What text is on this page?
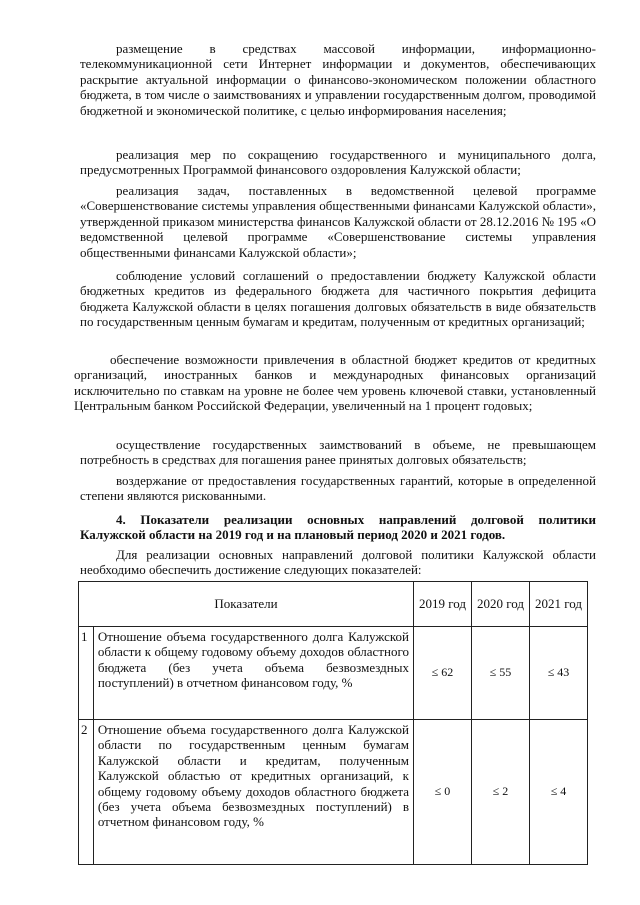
размещение в средствах массовой информации, информационно-телекоммуникационной сети Интернет информации и документов, обеспечивающих раскрытие актуальной информации о финансово-экономическом положении областного бюджета, в том числе о заимствованиях и управлении государственным долгом, проводимой бюджетной и экономической политике, с целью информирования населения;

реализация мер по сокращению государственного и муниципального долга, предусмотренных Программой финансового оздоровления Калужской области;

реализация задач, поставленных в ведомственной целевой программе «Совершенствование системы управления общественными финансами Калужской области», утвержденной приказом министерства финансов Калужской области от 28.12.2016 № 195 «О ведомственной целевой программе «Совершенствование системы управления общественными финансами Калужской области»;

соблюдение условий соглашений о предоставлении бюджету Калужской области бюджетных кредитов из федерального бюджета для частичного покрытия дефицита бюджета Калужской области в целях погашения долговых обязательств в виде обязательств по государственным ценным бумагам и кредитам, полученным от кредитных организаций;

обеспечение возможности привлечения в областной бюджет кредитов от кредитных организаций, иностранных банков и международных финансовых организаций исключительно по ставкам на уровне не более чем уровень ключевой ставки, установленный Центральным банком Российской Федерации, увеличенный на 1 процент годовых;

осуществление государственных заимствований в объеме, не превышающем потребность в средствах для погашения ранее принятых долговых обязательств;

воздержание от предоставления государственных гарантий, которые в определенной степени являются рискованными.

4. Показатели реализации основных направлений долговой политики Калужской области на 2019 год и на плановый период 2020 и 2021 годов.

Для реализации основных направлений долговой политики Калужской области необходимо обеспечить достижение следующих показателей:

Показатели		2019 год	2020 год	2021 год
1	Отношение объема государственного долга Калужской области к общему годовому объему доходов областного бюджета (без учета объема безвозмездных поступлений) в отчетном финансовом году, %	≤ 62	≤ 55	≤ 43
2	Отношение объема государственного долга Калужской области по государственным ценным бумагам Калужской области и кредитам, полученным Калужской областью от кредитных организаций, к общему годовому объему доходов областного бюджета (без учета объема безвозмездных поступлений) в отчетном финансовом году, %	≤ 0	≤ 2	≤ 4
